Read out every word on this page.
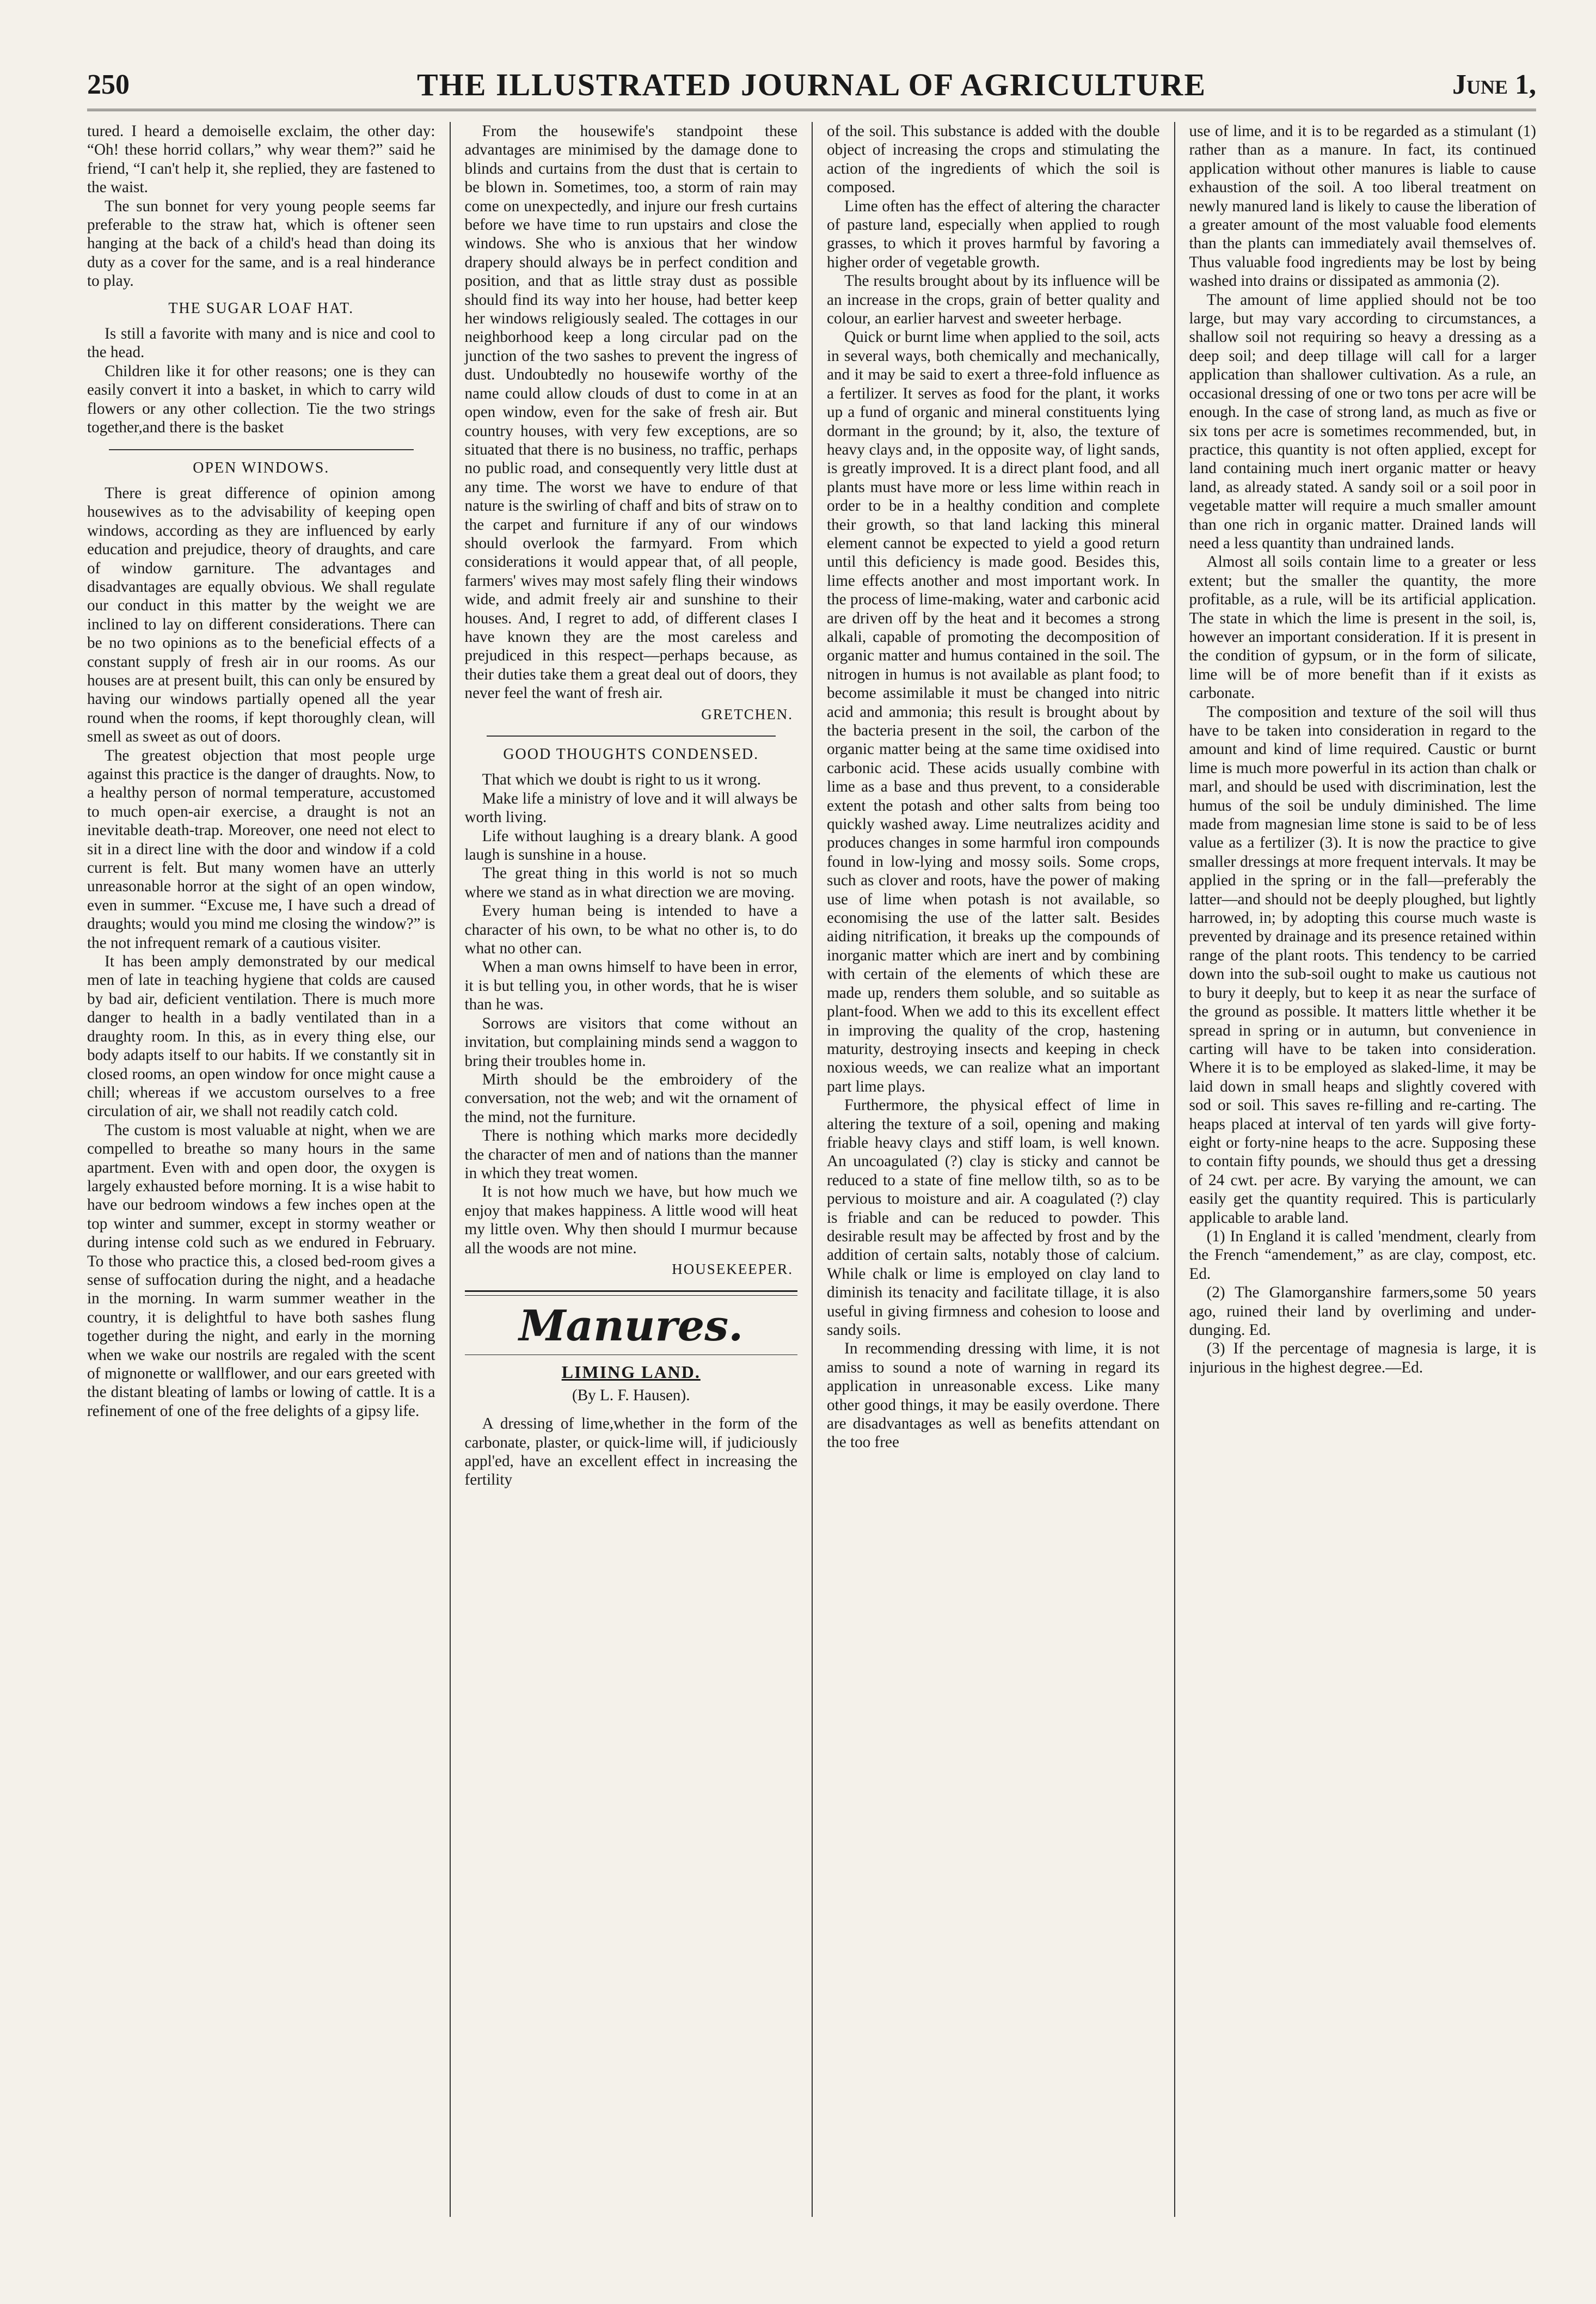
250	THE ILLUSTRATED JOURNAL OF AGRICULTURE	June 1,

tured. I heard a demoiselle exclaim, the other day: “Oh! these horrid collars,” why wear them?” said he friend, “I can't help it, she replied, they are fastened to the waist.

The sun bonnet for very young people seems far preferable to the straw hat, which is oftener seen hanging at the back of a child's head than doing its duty as a cover for the same, and is a real hinderance to play.

THE SUGAR LOAF HAT.

Is still a favorite with many and is nice and cool to the head.

Children like it for other reasons; one is they can easily convert it into a basket, in which to carry wild flowers or any other collection. Tie the two strings together,and there is the basket

OPEN WINDOWS.

There is great difference of opinion among housewives as to the advisability of keeping open windows, according as they are influenced by early education and prejudice, theory of draughts, and care of window garniture. The advantages and disadvantages are equally obvious. We shall regulate our conduct in this matter by the weight we are inclined to lay on different considerations. There can be no two opinions as to the beneficial effects of a constant supply of fresh air in our rooms. As our houses are at present built, this can only be ensured by having our windows partially opened all the year round when the rooms, if kept thoroughly clean, will smell as sweet as out of doors.

The greatest objection that most people urge against this practice is the danger of draughts. Now, to a healthy person of normal temperature, accustomed to much open-air exercise, a draught is not an inevitable death-trap. Moreover, one need not elect to sit in a direct line with the door and window if a cold current is felt. But many women have an utterly unreasonable horror at the sight of an open window, even in summer. “Excuse me, I have such a dread of draughts; would you mind me closing the window?” is the not infrequent remark of a cautious visiter.

It has been amply demonstrated by our medical men of late in teaching hygiene that colds are caused by bad air, deficient ventilation. There is much more danger to health in a badly ventilated than in a draughty room. In this, as in every thing else, our body adapts itself to our habits. If we constantly sit in closed rooms, an open window for once might cause a chill; whereas if we accustom ourselves to a free circulation of air, we shall not readily catch cold.

The custom is most valuable at night, when we are compelled to breathe so many hours in the same apartment. Even with and open door, the oxygen is largely exhausted before morning. It is a wise habit to have our bedroom windows a few inches open at the top winter and summer, except in stormy weather or during intense cold such as we endured in February. To those who practice this, a closed bed-room gives a sense of suffocation during the night, and a headache in the morning. In warm summer weather in the country, it is delightful to have both sashes flung together during the night, and early in the morning when we wake our nostrils are regaled with the scent of mignonette or wallflower, and our ears greeted with the distant bleating of lambs or lowing of cattle. It is a refinement of one of the free delights of a gipsy life.

From the housewife's standpoint these advantages are minimised by the damage done to blinds and curtains from the dust that is certain to be blown in. Sometimes, too, a storm of rain may come on unexpectedly, and injure our fresh curtains before we have time to run upstairs and close the windows. She who is anxious that her window drapery should always be in perfect condition and position, and that as little stray dust as possible should find its way into her house, had better keep her windows religiously sealed. The cottages in our neighborhood keep a long circular pad on the junction of the two sashes to prevent the ingress of dust. Undoubtedly no housewife worthy of the name could allow clouds of dust to come in at an open window, even for the sake of fresh air. But country houses, with very few exceptions, are so situated that there is no business, no traffic, perhaps no public road, and consequently very little dust at any time. The worst we have to endure of that nature is the swirling of chaff and bits of straw on to the carpet and furniture if any of our windows should overlook the farmyard. From which considerations it would appear that, of all people, farmers' wives may most safely fling their windows wide, and admit freely air and sunshine to their houses. And, I regret to add, of different clases I have known they are the most careless and prejudiced in this respect—perhaps because, as their duties take them a great deal out of doors, they never feel the want of fresh air.

GRETCHEN.
GOOD THOUGHTS CONDENSED.

That which we doubt is right to us it wrong.

Make life a ministry of love and it will always be worth living.

Life without laughing is a dreary blank. A good laugh is sunshine in a house.

The great thing in this world is not so much where we stand as in what direction we are moving.

Every human being is intended to have a character of his own, to be what no other is, to do what no other can.

When a man owns himself to have been in error, it is but telling you, in other words, that he is wiser than he was.

Sorrows are visitors that come without an invitation, but complaining minds send a waggon to bring their troubles home in.

Mirth should be the embroidery of the conversation, not the web; and wit the ornament of the mind, not the furniture.

There is nothing which marks more decidedly the character of men and of nations than the manner in which they treat women.

It is not how much we have, but how much we enjoy that makes happiness. A little wood will heat my little oven. Why then should I murmur because all the woods are not mine.

HOUSEKEEPER.
Manures.
LIMING LAND.
(By L. F. Hausen).

A dressing of lime,whether in the form of the carbonate, plaster, or quick-lime will, if judiciously appl'ed, have an excellent effect in increasing the fertility

of the soil. This substance is added with the double object of increasing the crops and stimulating the action of the ingredients of which the soil is composed.

Lime often has the effect of altering the character of pasture land, especially when applied to rough grasses, to which it proves harmful by favoring a higher order of vegetable growth.

The results brought about by its influence will be an increase in the crops, grain of better quality and colour, an earlier harvest and sweeter herbage.

Quick or burnt lime when applied to the soil, acts in several ways, both chemically and mechanically, and it may be said to exert a three-fold influence as a fertilizer. It serves as food for the plant, it works up a fund of organic and mineral constituents lying dormant in the ground; by it, also, the texture of heavy clays and, in the opposite way, of light sands, is greatly improved. It is a direct plant food, and all plants must have more or less lime within reach in order to be in a healthy condition and complete their growth, so that land lacking this mineral element cannot be expected to yield a good return until this deficiency is made good. Besides this, lime effects another and most important work. In the process of lime-making, water and carbonic acid are driven off by the heat and it becomes a strong alkali, capable of promoting the decomposition of organic matter and humus contained in the soil. The nitrogen in humus is not available as plant food; to become assimilable it must be changed into nitric acid and ammonia; this result is brought about by the bacteria present in the soil, the carbon of the organic matter being at the same time oxidised into carbonic acid. These acids usually combine with lime as a base and thus prevent, to a considerable extent the potash and other salts from being too quickly washed away. Lime neutralizes acidity and produces changes in some harmful iron compounds found in low-lying and mossy soils. Some crops, such as clover and roots, have the power of making use of lime when potash is not available, so economising the use of the latter salt. Besides aiding nitrification, it breaks up the compounds of inorganic matter which are inert and by combining with certain of the elements of which these are made up, renders them soluble, and so suitable as plant-food. When we add to this its excellent effect in improving the quality of the crop, hastening maturity, destroying insects and keeping in check noxious weeds, we can realize what an important part lime plays.

Furthermore, the physical effect of lime in altering the texture of a soil, opening and making friable heavy clays and stiff loam, is well known. An uncoagulated (?) clay is sticky and cannot be reduced to a state of fine mellow tilth, so as to be pervious to moisture and air. A coagulated (?) clay is friable and can be reduced to powder. This desirable result may be affected by frost and by the addition of certain salts, notably those of calcium. While chalk or lime is employed on clay land to diminish its tenacity and facilitate tillage, it is also useful in giving firmness and cohesion to loose and sandy soils.

In recommending dressing with lime, it is not amiss to sound a note of warning in regard its application in unreasonable excess. Like many other good things, it may be easily overdone. There are disadvantages as well as benefits attendant on the too free

use of lime, and it is to be regarded as a stimulant (1) rather than as a manure. In fact, its continued application without other manures is liable to cause exhaustion of the soil. A too liberal treatment on newly manured land is likely to cause the liberation of a greater amount of the most valuable food elements than the plants can immediately avail themselves of. Thus valuable food ingredients may be lost by being washed into drains or dissipated as ammonia (2).

The amount of lime applied should not be too large, but may vary according to circumstances, a shallow soil not requiring so heavy a dressing as a deep soil; and deep tillage will call for a larger application than shallower cultivation. As a rule, an occasional dressing of one or two tons per acre will be enough. In the case of strong land, as much as five or six tons per acre is sometimes recommended, but, in practice, this quantity is not often applied, except for land containing much inert organic matter or heavy land, as already stated. A sandy soil or a soil poor in vegetable matter will require a much smaller amount than one rich in organic matter. Drained lands will need a less quantity than undrained lands.

Almost all soils contain lime to a greater or less extent; but the smaller the quantity, the more profitable, as a rule, will be its artificial application. The state in which the lime is present in the soil, is, however an important consideration. If it is present in the condition of gypsum, or in the form of silicate, lime will be of more benefit than if it exists as carbonate.

The composition and texture of the soil will thus have to be taken into consideration in regard to the amount and kind of lime required. Caustic or burnt lime is much more powerful in its action than chalk or marl, and should be used with discrimination, lest the humus of the soil be unduly diminished. The lime made from magnesian lime stone is said to be of less value as a fertilizer (3). It is now the practice to give smaller dressings at more frequent intervals. It may be applied in the spring or in the fall—preferably the latter—and should not be deeply ploughed, but lightly harrowed, in; by adopting this course much waste is prevented by drainage and its presence retained within range of the plant roots. This tendency to be carried down into the sub-soil ought to make us cautious not to bury it deeply, but to keep it as near the surface of the ground as possible. It matters little whether it be spread in spring or in autumn, but convenience in carting will have to be taken into consideration. Where it is to be employed as slaked-lime, it may be laid down in small heaps and slightly covered with sod or soil. This saves re-filling and re-carting. The heaps placed at interval of ten yards will give forty-eight or forty-nine heaps to the acre. Supposing these to contain fifty pounds, we should thus get a dressing of 24 cwt. per acre. By varying the amount, we can easily get the quantity required. This is particularly applicable to arable land.

(1) In England it is called 'mendment, clearly from the French “amendement,” as are clay, compost, etc. Ed.

(2) The Glamorganshire farmers,some 50 years ago, ruined their land by overliming and under-dunging. Ed.

(3) If the percentage of magnesia is large, it is injurious in the highest degree.—Ed.
